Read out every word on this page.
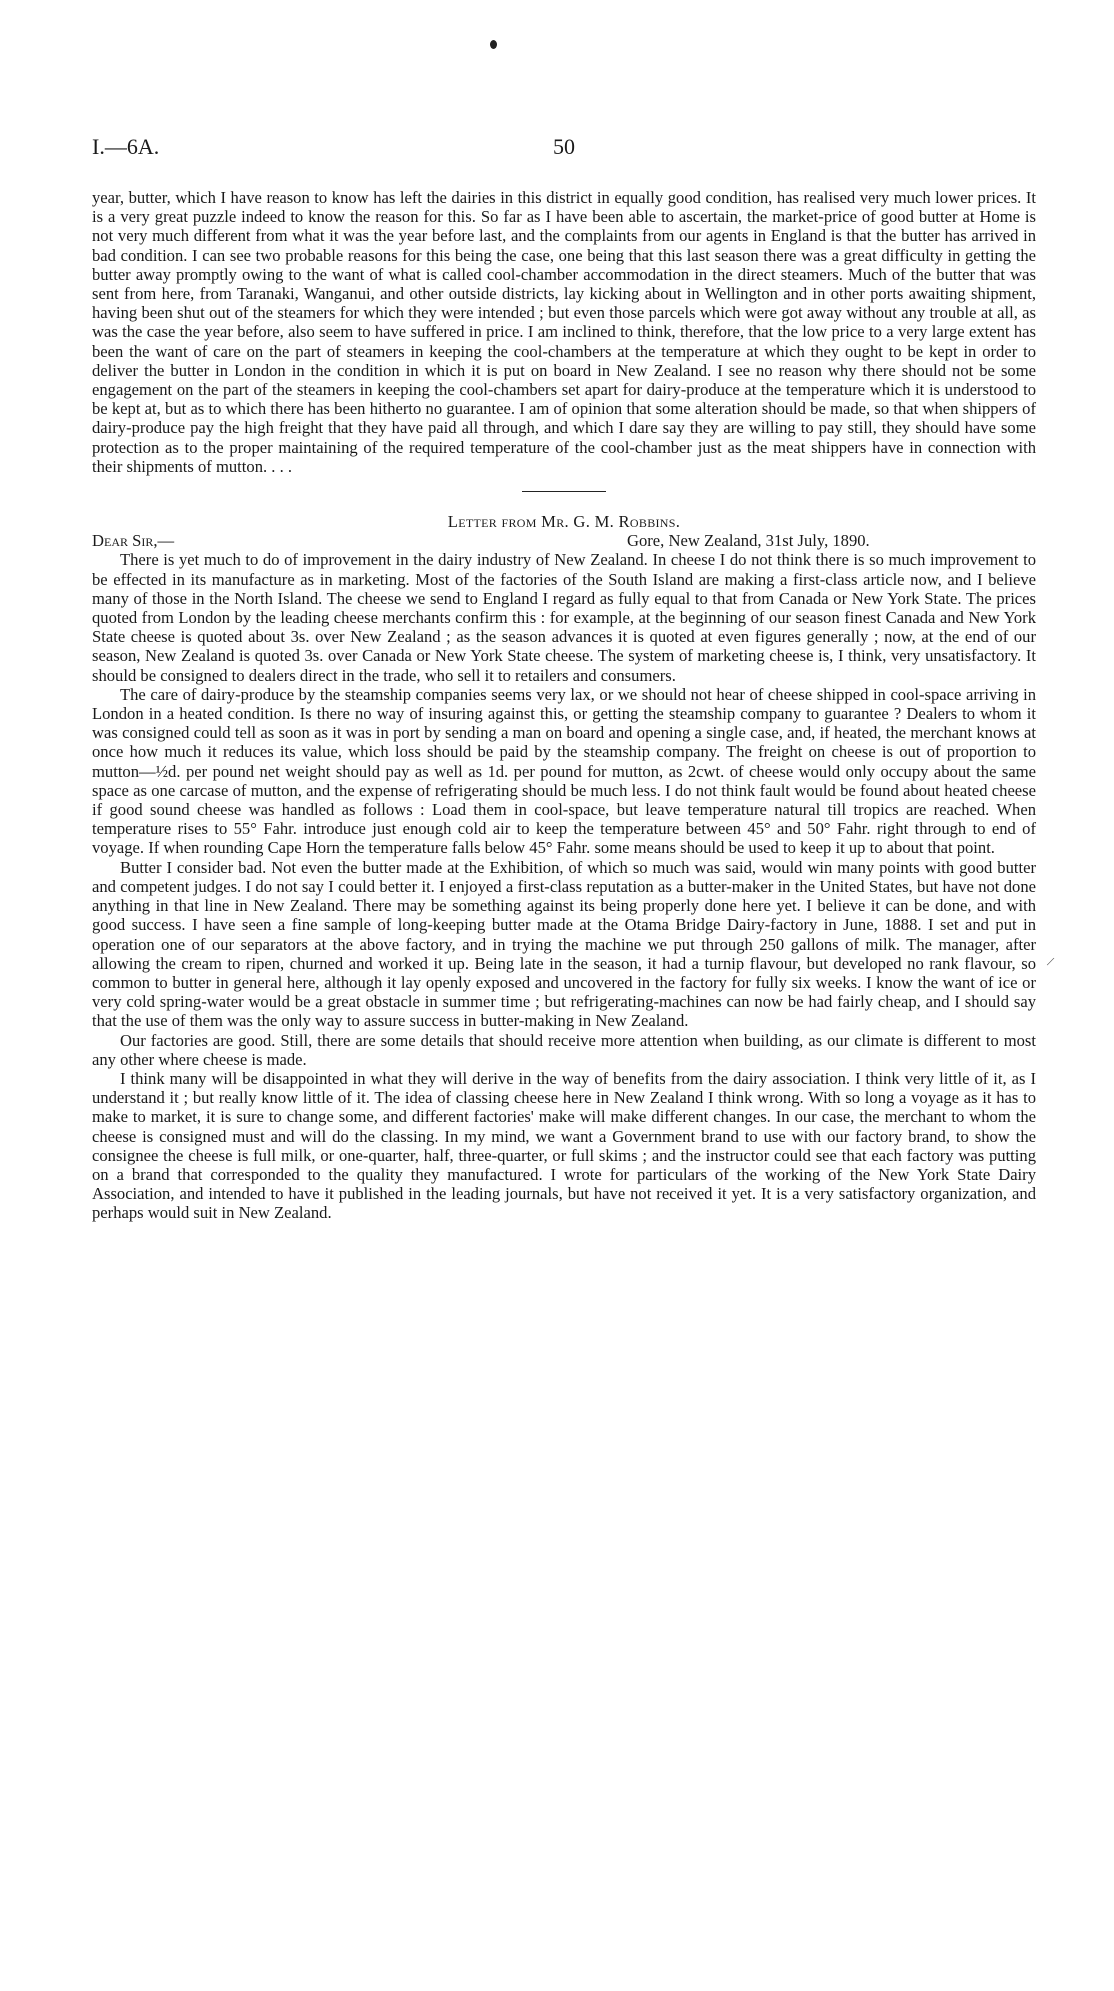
I.—6A.	50

year, butter, which I have reason to know has left the dairies in this district in equally good condition, has realised very much lower prices. It is a very great puzzle indeed to know the reason for this. So far as I have been able to ascertain, the market-price of good butter at Home is not very much different from what it was the year before last, and the complaints from our agents in England is that the butter has arrived in bad condition. I can see two probable reasons for this being the case, one being that this last season there was a great difficulty in getting the butter away promptly owing to the want of what is called cool-chamber accommodation in the direct steamers. Much of the butter that was sent from here, from Taranaki, Wanganui, and other outside districts, lay kicking about in Wellington and in other ports awaiting shipment, having been shut out of the steamers for which they were intended ; but even those parcels which were got away without any trouble at all, as was the case the year before, also seem to have suffered in price. I am inclined to think, therefore, that the low price to a very large extent has been the want of care on the part of steamers in keeping the cool-chambers at the temperature at which they ought to be kept in order to deliver the butter in London in the condition in which it is put on board in New Zealand. I see no reason why there should not be some engagement on the part of the steamers in keeping the cool-chambers set apart for dairy-produce at the temperature which it is understood to be kept at, but as to which there has been hitherto no guarantee. I am of opinion that some alteration should be made, so that when shippers of dairy-produce pay the high freight that they have paid all through, and which I dare say they are willing to pay still, they should have some protection as to the proper maintaining of the required temperature of the cool-chamber just as the meat shippers have in connection with their shipments of mutton. . . .

Letter from Mr. G. M. Robbins.

Dear Sir,—	Gore, New Zealand, 31st July, 1890.

There is yet much to do of improvement in the dairy industry of New Zealand. In cheese I do not think there is so much improvement to be effected in its manufacture as in marketing. Most of the factories of the South Island are making a first-class article now, and I believe many of those in the North Island. The cheese we send to England I regard as fully equal to that from Canada or New York State. The prices quoted from London by the leading cheese merchants confirm this : for example, at the beginning of our season finest Canada and New York State cheese is quoted about 3s. over New Zealand ; as the season advances it is quoted at even figures generally ; now, at the end of our season, New Zealand is quoted 3s. over Canada or New York State cheese. The system of marketing cheese is, I think, very unsatisfactory. It should be consigned to dealers direct in the trade, who sell it to retailers and consumers.

The care of dairy-produce by the steamship companies seems very lax, or we should not hear of cheese shipped in cool-space arriving in London in a heated condition. Is there no way of insuring against this, or getting the steamship company to guarantee ? Dealers to whom it was consigned could tell as soon as it was in port by sending a man on board and opening a single case, and, if heated, the merchant knows at once how much it reduces its value, which loss should be paid by the steamship company. The freight on cheese is out of proportion to mutton—½d. per pound net weight should pay as well as 1d. per pound for mutton, as 2cwt. of cheese would only occupy about the same space as one carcase of mutton, and the expense of refrigerating should be much less. I do not think fault would be found about heated cheese if good sound cheese was handled as follows : Load them in cool-space, but leave temperature natural till tropics are reached. When temperature rises to 55° Fahr. introduce just enough cold air to keep the temperature between 45° and 50° Fahr. right through to end of voyage. If when rounding Cape Horn the temperature falls below 45° Fahr. some means should be used to keep it up to about that point.

Butter I consider bad. Not even the butter made at the Exhibition, of which so much was said, would win many points with good butter and competent judges. I do not say I could better it. I enjoyed a first-class reputation as a butter-maker in the United States, but have not done anything in that line in New Zealand. There may be something against its being properly done here yet. I believe it can be done, and with good success. I have seen a fine sample of long-keeping butter made at the Otama Bridge Dairy-factory in June, 1888. I set and put in operation one of our separators at the above factory, and in trying the machine we put through 250 gallons of milk. The manager, after allowing the cream to ripen, churned and worked it up. Being late in the season, it had a turnip flavour, but developed no rank flavour, so common to butter in general here, although it lay openly exposed and uncovered in the factory for fully six weeks. I know the want of ice or very cold spring-water would be a great obstacle in summer time ; but refrigerating-machines can now be had fairly cheap, and I should say that the use of them was the only way to assure success in butter-making in New Zealand.

Our factories are good. Still, there are some details that should receive more attention when building, as our climate is different to most any other where cheese is made.

I think many will be disappointed in what they will derive in the way of benefits from the dairy association. I think very little of it, as I understand it ; but really know little of it. The idea of classing cheese here in New Zealand I think wrong. With so long a voyage as it has to make to market, it is sure to change some, and different factories' make will make different changes. In our case, the merchant to whom the cheese is consigned must and will do the classing. In my mind, we want a Government brand to use with our factory brand, to show the consignee the cheese is full milk, or one-quarter, half, three-quarter, or full skims ; and the instructor could see that each factory was putting on a brand that corresponded to the quality they manufactured. I wrote for particulars of the working of the New York State Dairy Association, and intended to have it published in the leading journals, but have not received it yet. It is a very satisfactory organization, and perhaps would suit in New Zealand.

/
